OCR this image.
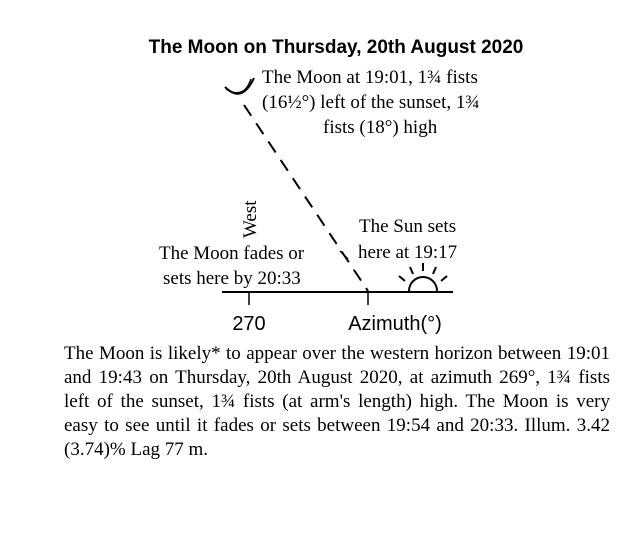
The Moon on Thursday, 20th August 2020
The Moon at 19:01, 1¾ fists (16½°) left of the sunset, 1¾ fists (18°) high
West	The Sun sets here at 19:17
The Moon fades or sets here by 20:33
270	Azimuth(°)

The Moon is likely* to appear over the western horizon between 19:01 and 19:43 on Thursday, 20th August 2020, at azimuth 269°, 1¾ fists left of the sunset, 1¾ fists (at arm's length) high. The Moon is very easy to see until it fades or sets between 19:54 and 20:33. Illum. 3.42 (3.74)% Lag 77 m.
